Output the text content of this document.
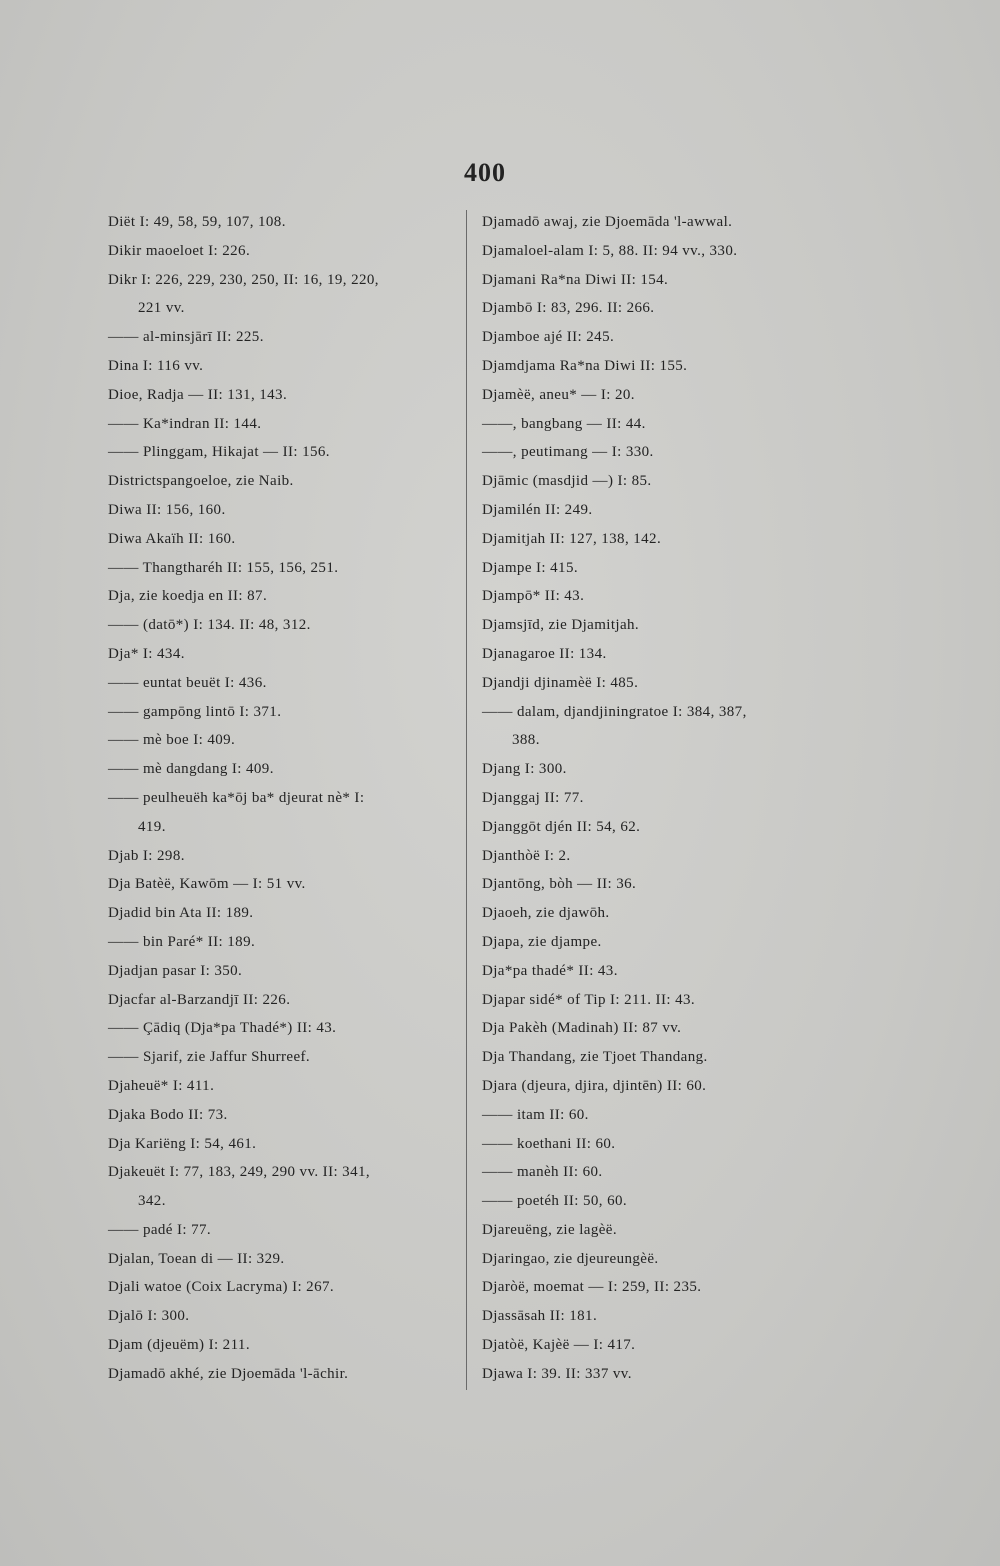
400
Diët I: 49, 58, 59, 107, 108.
Dikir maoeloet I: 226.
Dikr I: 226, 229, 230, 250, II: 16, 19, 220,
221 vv.
—— al-minsjārī II: 225.
Dina I: 116 vv.
Dioe, Radja — II: 131, 143.
—— Ka*indran II: 144.
—— Plinggam, Hikajat — II: 156.
Districtspangoeloe, zie Naib.
Diwa II: 156, 160.
Diwa Akaïh II: 160.
—— Thangtharéh II: 155, 156, 251.
Dja, zie koedja en II: 87.
—— (datō*) I: 134. II: 48, 312.
Dja* I: 434.
—— euntat beuët I: 436.
—— gampōng lintō I: 371.
—— mè boe I: 409.
—— mè dangdang I: 409.
—— peulheuëh ka*ōj ba* djeurat nè* I:
419.
Djab I: 298.
Dja Batèë, Kawōm — I: 51 vv.
Djadid bin Ata II: 189.
—— bin Paré* II: 189.
Djadjan pasar I: 350.
Djacfar al-Barzandjī II: 226.
—— Çādiq (Dja*pa Thadé*) II: 43.
—— Sjarif, zie Jaffur Shurreef.
Djaheuë* I: 411.
Djaka Bodo II: 73.
Dja Kariëng I: 54, 461.
Djakeuët I: 77, 183, 249, 290 vv. II: 341,
342.
—— padé I: 77.
Djalan, Toean di — II: 329.
Djali watoe (Coix Lacryma) I: 267.
Djalō I: 300.
Djam (djeuëm) I: 211.
Djamadō akhé, zie Djoemāda 'l-āchir.
Djamadō awaj, zie Djoemāda 'l-awwal.
Djamaloel-alam I: 5, 88. II: 94 vv., 330.
Djamani Ra*na Diwi II: 154.
Djambō I: 83, 296. II: 266.
Djamboe ajé II: 245.
Djamdjama Ra*na Diwi II: 155.
Djamèë, aneu* — I: 20.
——, bangbang — II: 44.
——, peutimang — I: 330.
Djāmic (masdjid —) I: 85.
Djamilén II: 249.
Djamitjah II: 127, 138, 142.
Djampe I: 415.
Djampō* II: 43.
Djamsjīd, zie Djamitjah.
Djanagaroe II: 134.
Djandji djinamèë I: 485.
—— dalam, djandjiningratoe I: 384, 387,
388.
Djang I: 300.
Djanggaj II: 77.
Djanggōt djén II: 54, 62.
Djanthòë I: 2.
Djantōng, bòh — II: 36.
Djaoeh, zie djawōh.
Djapa, zie djampe.
Dja*pa thadé* II: 43.
Djapar sidé* of Tip I: 211. II: 43.
Dja Pakèh (Madinah) II: 87 vv.
Dja Thandang, zie Tjoet Thandang.
Djara (djeura, djira, djintēn) II: 60.
—— itam II: 60.
—— koethani II: 60.
—— manèh II: 60.
—— poetéh II: 50, 60.
Djareuëng, zie lagèë.
Djaringao, zie djeureungèë.
Djaròë, moemat — I: 259, II: 235.
Djassāsah II: 181.
Djatòë, Kajèë — I: 417.
Djawa I: 39. II: 337 vv.
